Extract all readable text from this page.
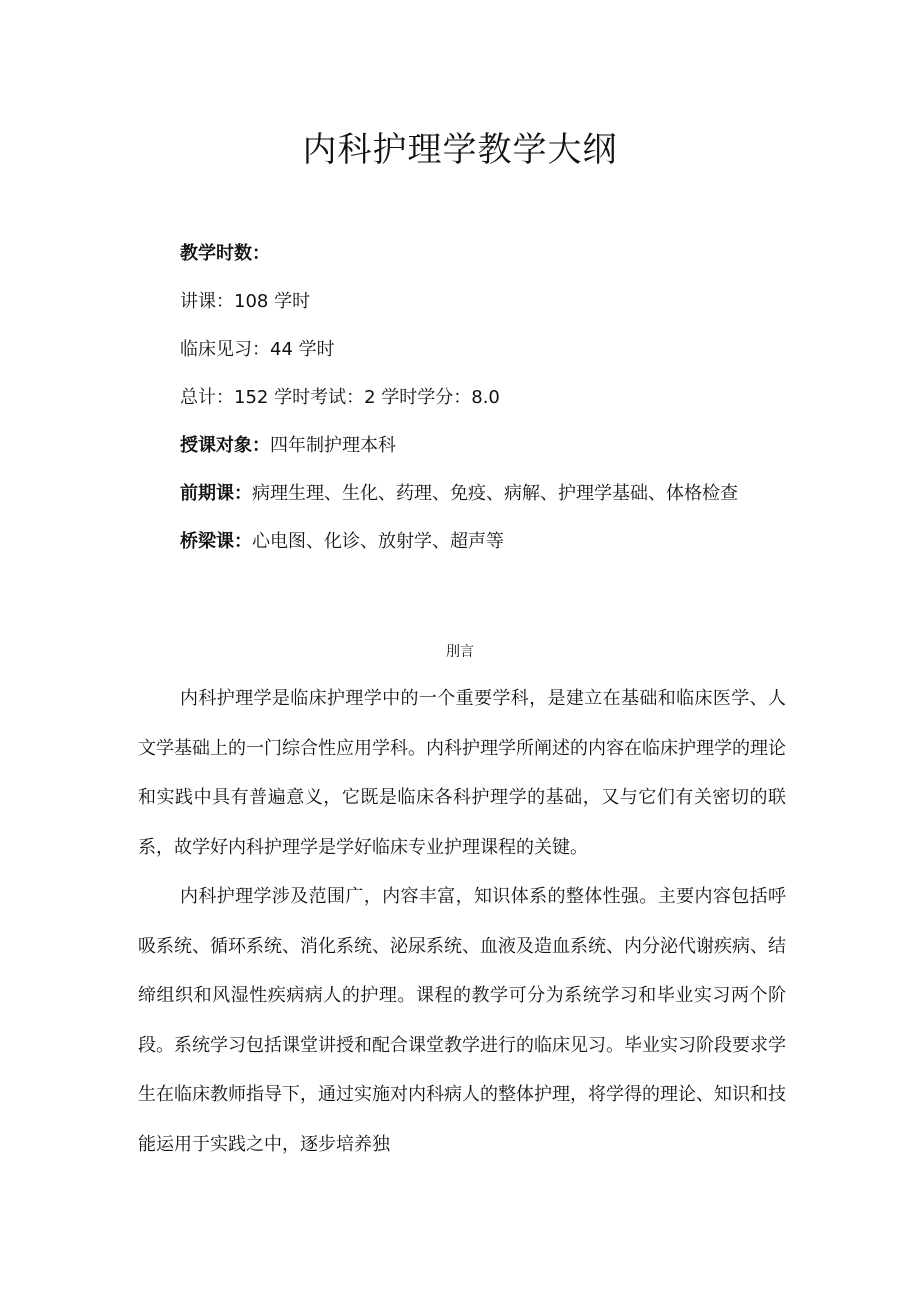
内科护理学教学大纲

教学时数：

讲课：108 学时

临床见习：44 学时

总计：152 学时考试：2 学时学分：8.0

授课对象：四年制护理本科

前期课：病理生理、生化、药理、免疫、病解、护理学基础、体格检查

桥梁课：心电图、化诊、放射学、超声等

刖言

内科护理学是临床护理学中的一个重要学科，是建立在基础和临床医学、人文学基础上的一门综合性应用学科。内科护理学所阐述的内容在临床护理学的理论和实践中具有普遍意义，它既是临床各科护理学的基础，又与它们有关密切的联系，故学好内科护理学是学好临床专业护理课程的关键。

内科护理学涉及范围广，内容丰富，知识体系的整体性强。主要内容包括呼吸系统、循环系统、消化系统、泌尿系统、血液及造血系统、内分泌代谢疾病、结缔组织和风湿性疾病病人的护理。课程的教学可分为系统学习和毕业实习两个阶段。系统学习包括课堂讲授和配合课堂教学进行的临床见习。毕业实习阶段要求学生在临床教师指导下，通过实施对内科病人的整体护理，将学得的理论、知识和技能运用于实践之中，逐步培养独
